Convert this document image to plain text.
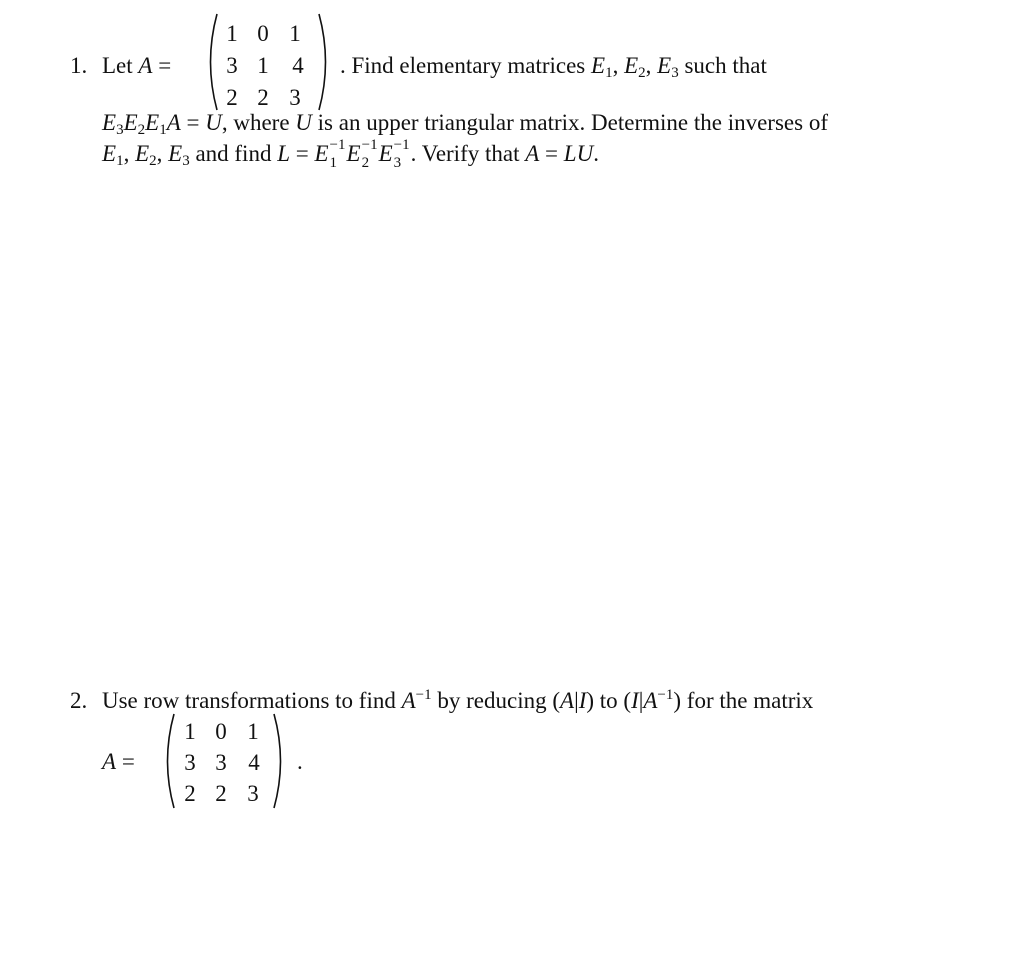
1. Let A =
1 0 1
3 1 4
2 2 3
. Find elementary matrices $E_1$, $E_2$, $E_3$ such that
$E_3E_2E_1A = U$, where U is an upper triangular matrix. Determine the inverses of
$E_1$, $E_2$, $E_3$ and find L = E −1
1 E −1
2 E −1
3 . Verify that A = LU.
2. Use row transformations to find $A^{-1}$ by reducing (A|I) to $(I|A^{-1})$ for the matrix
A =
1 0 1
3 3 4
2 2 3
.
